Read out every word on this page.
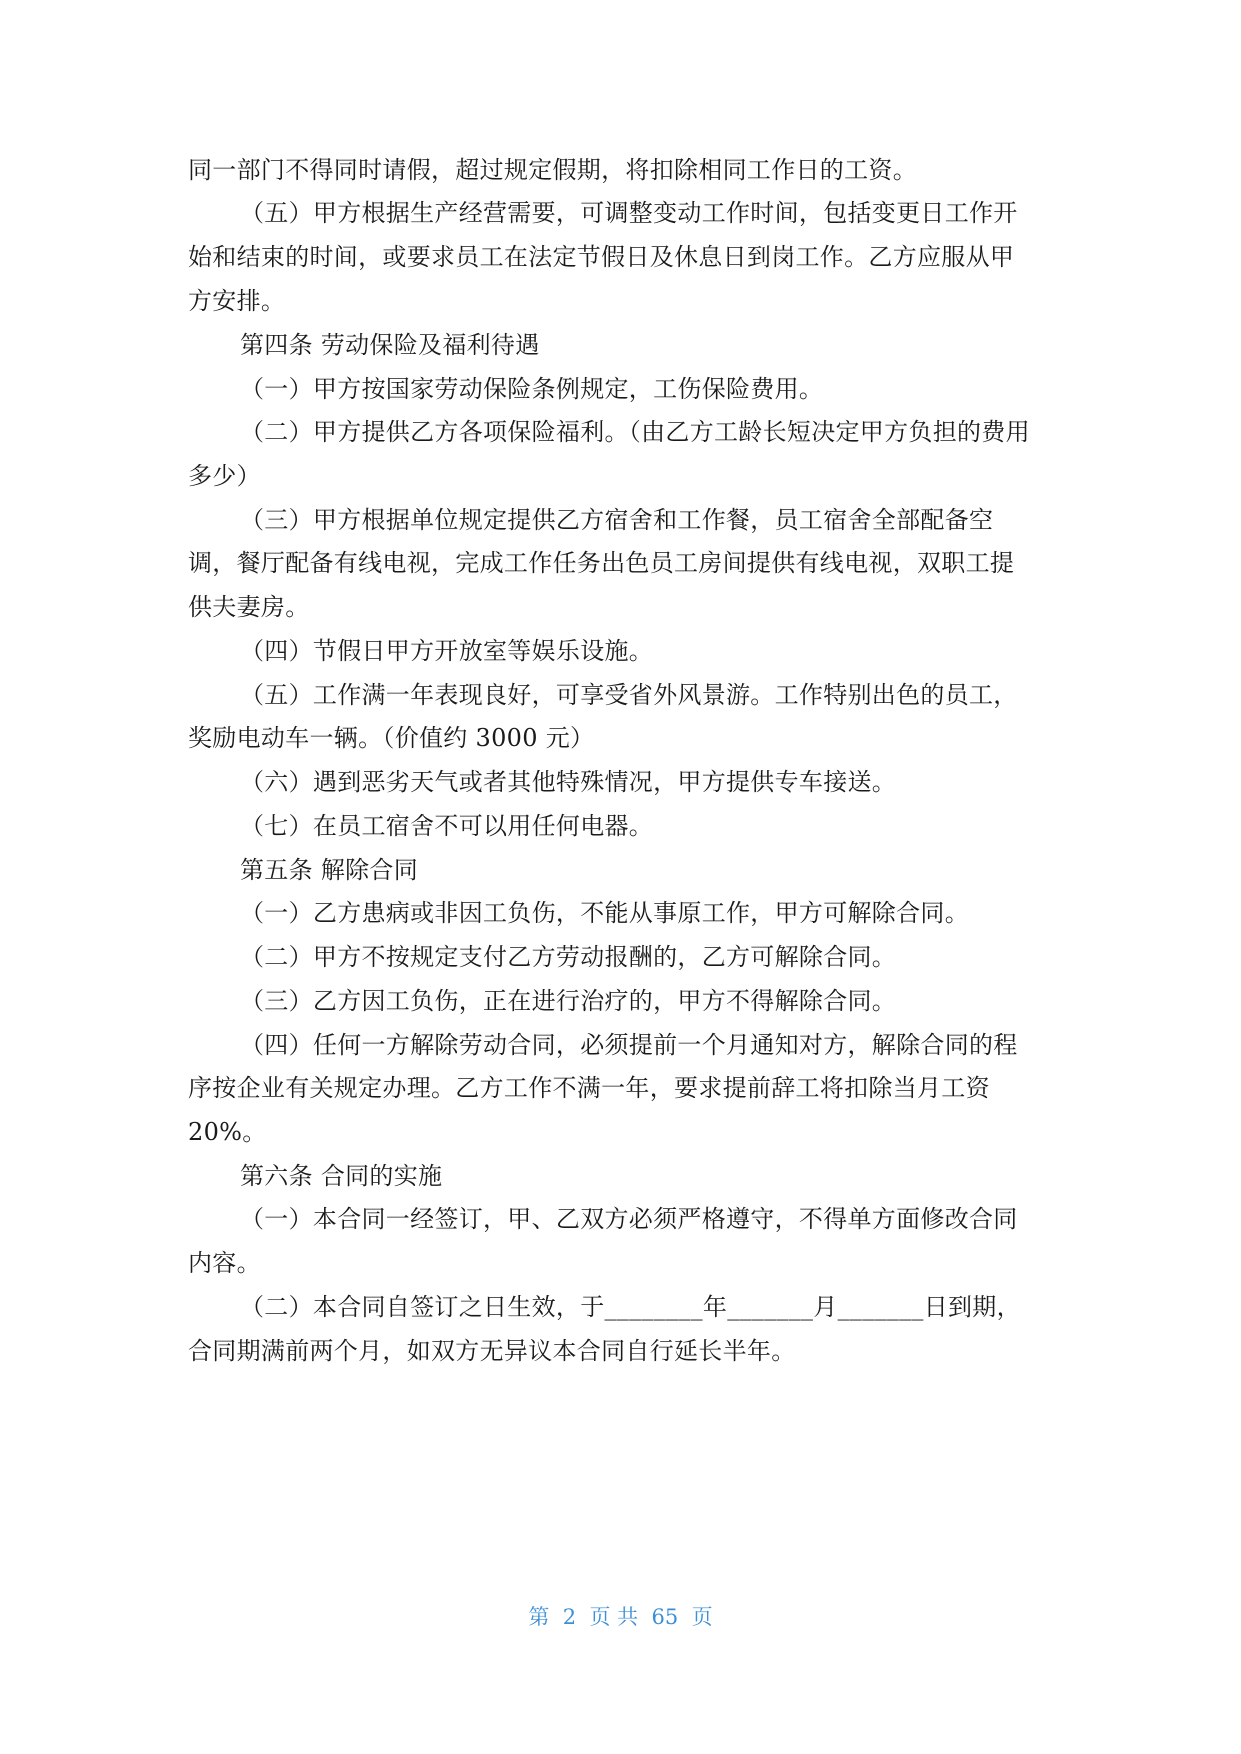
同一部门不得同时请假，超过规定假期，将扣除相同工作日的工资。
（五）甲方根据生产经营需要，可调整变动工作时间，包括变更日工作开
始和结束的时间，或要求员工在法定节假日及休息日到岗工作。乙方应服从甲
方安排。
第四条 劳动保险及福利待遇
（一）甲方按国家劳动保险条例规定，工伤保险费用。
（二）甲方提供乙方各项保险福利。（由乙方工龄长短决定甲方负担的费用
多少）
（三）甲方根据单位规定提供乙方宿舍和工作餐，员工宿舍全部配备空
调，餐厅配备有线电视，完成工作任务出色员工房间提供有线电视，双职工提
供夫妻房。
（四）节假日甲方开放室等娱乐设施。
（五）工作满一年表现良好，可享受省外风景游。工作特别出色的员工，
奖励电动车一辆。（价值约 3000 元）
（六）遇到恶劣天气或者其他特殊情况，甲方提供专车接送。
（七）在员工宿舍不可以用任何电器。
第五条 解除合同
（一）乙方患病或非因工负伤，不能从事原工作，甲方可解除合同。
（二）甲方不按规定支付乙方劳动报酬的，乙方可解除合同。
（三）乙方因工负伤，正在进行治疗的，甲方不得解除合同。
（四）任何一方解除劳动合同，必须提前一个月通知对方，解除合同的程
序按企业有关规定办理。乙方工作不满一年，要求提前辞工将扣除当月工资
20%。
第六条 合同的实施
（一）本合同一经签订，甲、乙双方必须严格遵守，不得单方面修改合同
内容。
（二）本合同自签订之日生效，于________年_______月_______日到期，
合同期满前两个月，如双方无异议本合同自行延长半年。
第  2  页 共  65  页
